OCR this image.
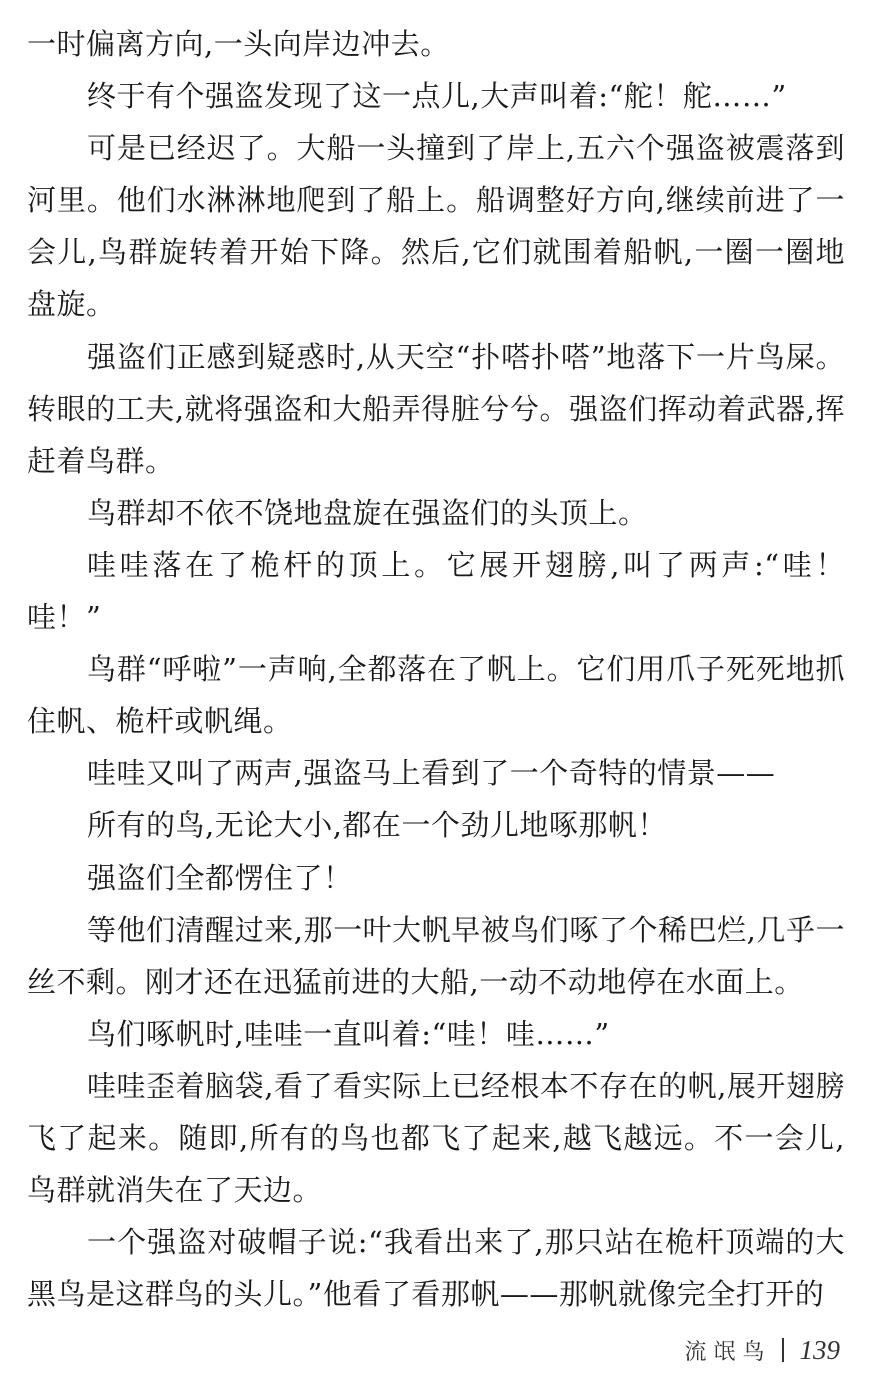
一时偏离方向,一头向岸边冲去。

终于有个强盗发现了这一点儿,大声叫着:“舵！舵……”

可是已经迟了。大船一头撞到了岸上,五六个强盗被震落到河里。他们水淋淋地爬到了船上。船调整好方向,继续前进了一会儿,鸟群旋转着开始下降。然后,它们就围着船帆,一圈一圈地盘旋。

强盗们正感到疑惑时,从天空“扑嗒扑嗒”地落下一片鸟屎。转眼的工夫,就将强盗和大船弄得脏兮兮。强盗们挥动着武器,挥赶着鸟群。

鸟群却不依不饶地盘旋在强盗们的头顶上。

哇哇落在了桅杆的顶上。它展开翅膀,叫了两声:“哇！哇！”

鸟群“呼啦”一声响,全都落在了帆上。它们用爪子死死地抓住帆、桅杆或帆绳。

哇哇又叫了两声,强盗马上看到了一个奇特的情景——

所有的鸟,无论大小,都在一个劲儿地啄那帆！

强盗们全都愣住了！

等他们清醒过来,那一叶大帆早被鸟们啄了个稀巴烂,几乎一丝不剩。刚才还在迅猛前进的大船,一动不动地停在水面上。

鸟们啄帆时,哇哇一直叫着:“哇！哇……”

哇哇歪着脑袋,看了看实际上已经根本不存在的帆,展开翅膀飞了起来。随即,所有的鸟也都飞了起来,越飞越远。不一会儿,鸟群就消失在了天边。

一个强盗对破帽子说:“我看出来了,那只站在桅杆顶端的大黑鸟是这群鸟的头儿。”他看了看那帆——那帆就像完全打开的

流氓鸟 139
